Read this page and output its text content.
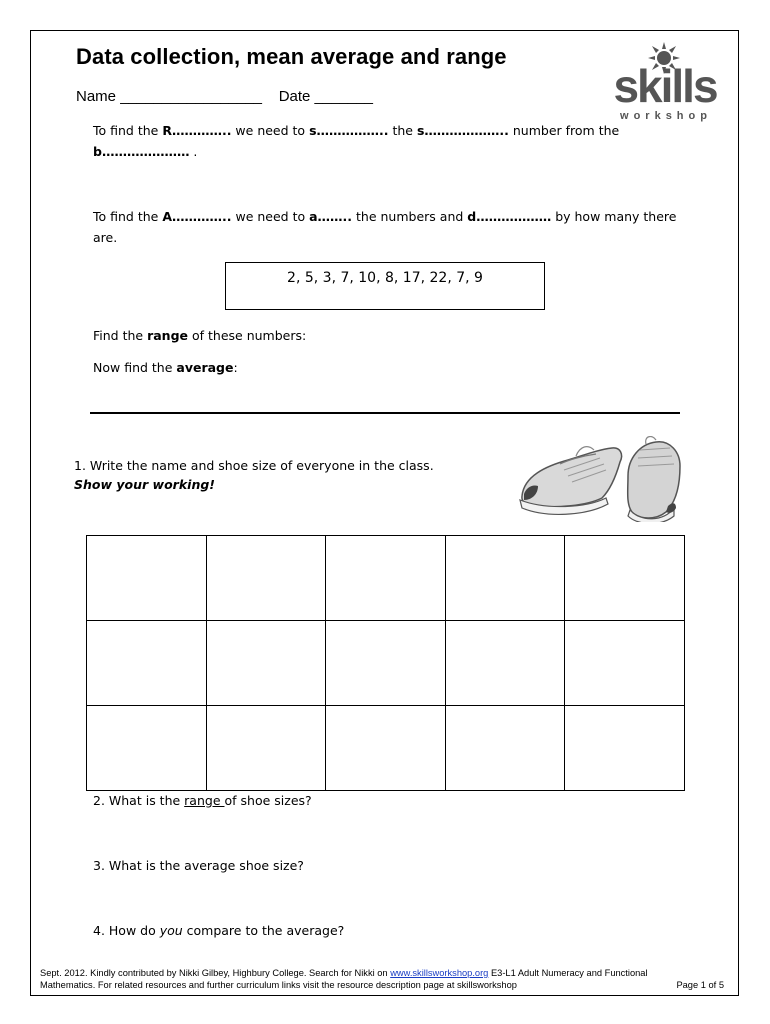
Data collection, mean average and range
Name _________________ Date _______	skills
workshop
To find the R………….. we need to s…………….. the s……………….. number from the
b………………… .
To find the A………….. we need to a…….. the numbers and d……………… by how many there
are.
2, 5, 3, 7, 10, 8, 17, 22, 7, 9
Find the range of these numbers:
Now find the average:
1. Write the name and shoe size of everyone in the class.
Show your working!

2. What is the range of shoe sizes?
3. What is the average shoe size?
4. How do you compare to the average?
Sept. 2012. Kindly contributed by Nikki Gilbey, Highbury College. Search for Nikki on www.skillsworkshop.org E3-L1 Adult Numeracy and Functional
Mathematics. For related resources and further curriculum links visit the resource description page at skillsworkshop	Page 1 of 5
